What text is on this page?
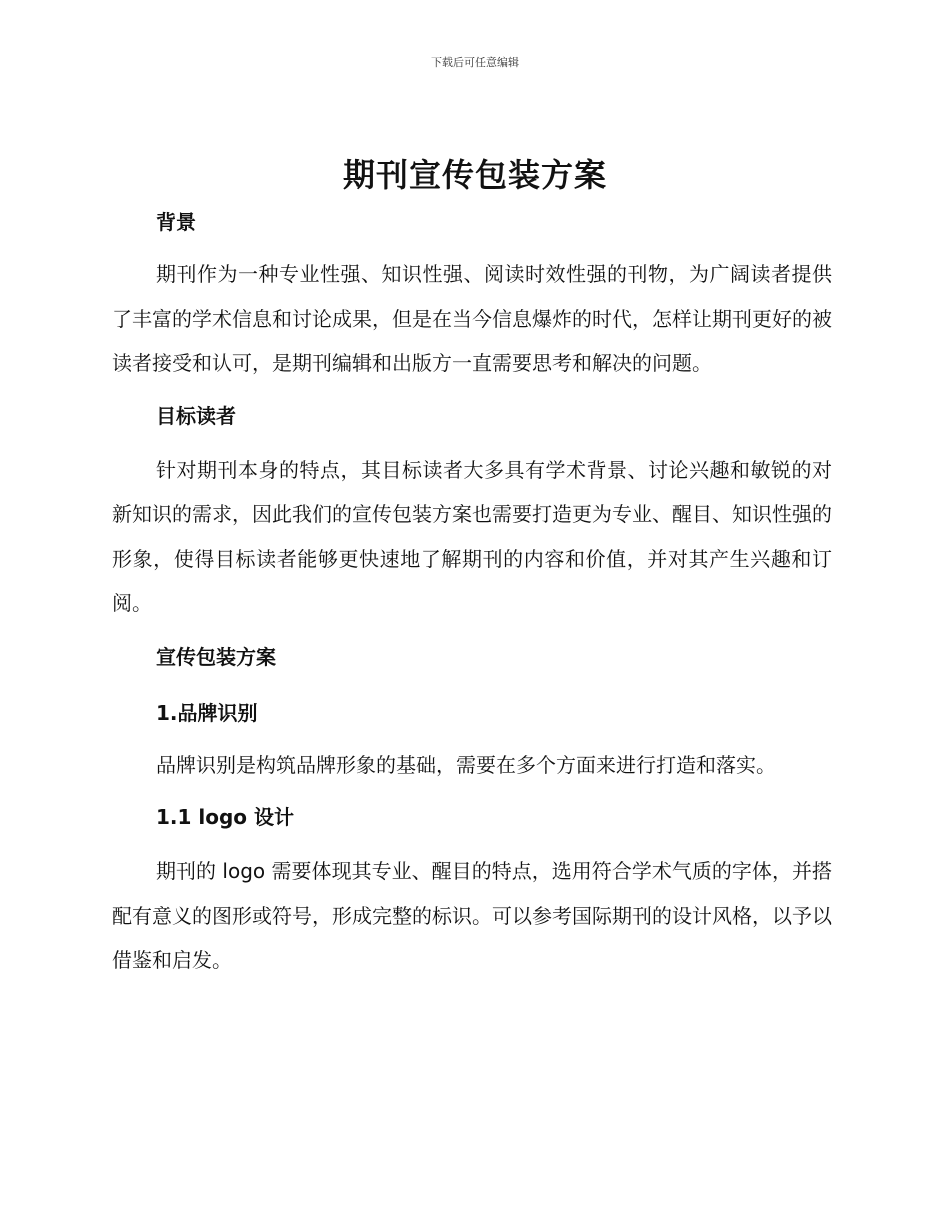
下载后可任意编辑
期刊宣传包装方案

背景

期刊作为一种专业性强、知识性强、阅读时效性强的刊物，为广阔读者提供了丰富的学术信息和讨论成果，但是在当今信息爆炸的时代，怎样让期刊更好的被读者接受和认可，是期刊编辑和出版方一直需要思考和解决的问题。

目标读者

针对期刊本身的特点，其目标读者大多具有学术背景、讨论兴趣和敏锐的对新知识的需求，因此我们的宣传包装方案也需要打造更为专业、醒目、知识性强的形象，使得目标读者能够更快速地了解期刊的内容和价值，并对其产生兴趣和订阅。

宣传包装方案

1.品牌识别

品牌识别是构筑品牌形象的基础，需要在多个方面来进行打造和落实。

1.1 logo 设计

期刊的 logo 需要体现其专业、醒目的特点，选用符合学术气质的字体，并搭配有意义的图形或符号，形成完整的标识。可以参考国际期刊的设计风格，以予以借鉴和启发。
